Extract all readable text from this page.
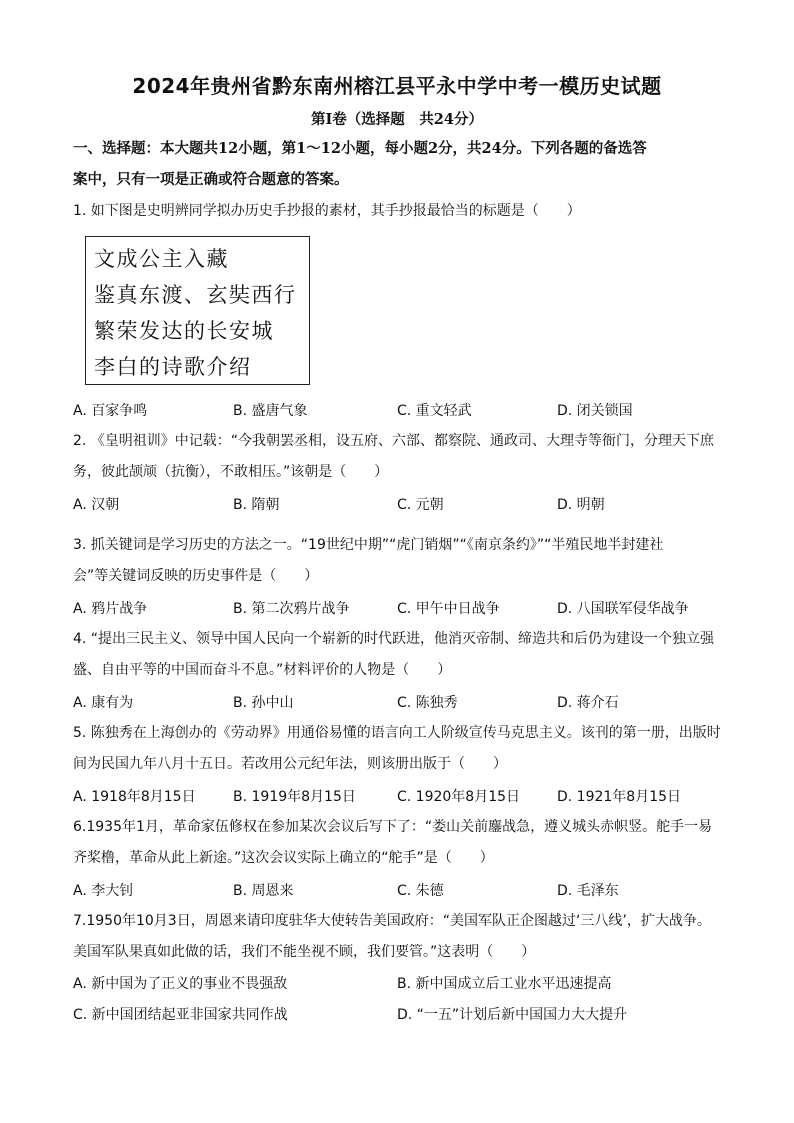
2024年贵州省黔东南州榕江县平永中学中考一模历史试题
第Ⅰ卷（选择题　共24分）
一、选择题：本大题共12小题，第1～12小题，每小题2分，共24分。下列各题的备选答
案中，只有一项是正确或符合题意的答案。
1. 如下图是史明辨同学拟办历史手抄报的素材，其手抄报最恰当的标题是（　　）
文成公主入藏
鉴真东渡、玄奘西行
繁荣发达的长安城
李白的诗歌介绍
A. 百家争鸣	B. 盛唐气象	C. 重文轻武	D. 闭关锁国
2. 《皇明祖训》中记载：“今我朝罢丞相，设五府、六部、都察院、通政司、大理寺等衙门，分理天下庶
务，彼此颉颃（抗衡），不敢相压。”该朝是（　　）
A. 汉朝	B. 隋朝	C. 元朝	D. 明朝
3. 抓关键词是学习历史的方法之一。“19世纪中期”“虎门销烟”“《南京条约》”“半殖民地半封建社
会”等关键词反映的历史事件是（　　）
A. 鸦片战争	B. 第二次鸦片战争	C. 甲午中日战争	D. 八国联军侵华战争
4. “提出三民主义、领导中国人民向一个崭新的时代跃进，他消灭帝制、缔造共和后仍为建设一个独立强
盛、自由平等的中国而奋斗不息。”材料评价的人物是（　　）
A. 康有为	B. 孙中山	C. 陈独秀	D. 蒋介石
5. 陈独秀在上海创办的《劳动界》用通俗易懂的语言向工人阶级宣传马克思主义。该刊的第一册，出版时
间为民国九年八月十五日。若改用公元纪年法，则该册出版于（　　）
A. 1918年8月15日	B. 1919年8月15日	C. 1920年8月15日	D. 1921年8月15日
6.1935年1月，革命家伍修权在参加某次会议后写下了：“娄山关前鏖战急，遵义城头赤帜竖。舵手一易
齐桨橹，革命从此上新途。”这次会议实际上确立的“舵手”是（　　）
A. 李大钊	B. 周恩来	C. 朱德	D. 毛泽东
7.1950年10月3日，周恩来请印度驻华大使转告美国政府：“美国军队正企图越过‘三八线’，扩大战争。
美国军队果真如此做的话，我们不能坐视不顾，我们要管。”这表明（　　）
A. 新中国为了正义的事业不畏强敌	B. 新中国成立后工业水平迅速提高
C. 新中国团结起亚非国家共同作战	D. “一五”计划后新中国国力大大提升
